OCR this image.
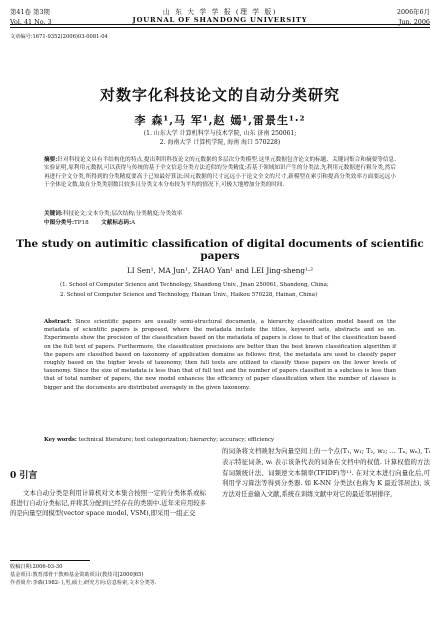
第41卷 第3期
Vol. 41 No. 3
山 东 大 学 学 报 (理 学 版)
JOURNAL OF SHANDONG UNIVERSITY
2006年6月
Jun. 2006
文章编号:1671-9352(2006)03-0081-04
对数字化科技论文的自动分类研究
李 森¹,马 军¹,赵 嫣¹,雷景生¹·²
(1. 山东大学 计算机科学与技术学院, 山东 济南 250061;
2. 海南大学 计算机学院, 海南 海口 570228)
摘要:针对科技论文具有半结构化的特点,提出利用科技论文的元数据的多层次分类模型.这里元数据包含论文的标题、关键词集合和摘要等信息.实验证明,原利用元数据,可以获得与传统的基于全文信息分类方法近似的分类精度;若基于领域知识产生的分类法,先利用元数据进行粗分类,然后再进行全文分类,所得到的分类精度要高于已知最好算法;因元数据的尺寸远远小于论文全文的尺寸,新模型在索引和提高分类效率方面要远远小于全体论文数,故在分类类别数目较多且分类文本分布较为平均的情况下,可极大地增加分类的时间.
关键词:科技论文;文本分类;层次结构;分类精度;分类效率
中图分类号:TP18 文献标志码:A
The study on autimitic classification of digital documents of scientific papers
LI Sen¹, MA Jun¹, ZHAO Yan¹ and LEI Jing-sheng¹·²
(1. School of Computer Science and Technology, Shandong Univ., Jinan 250061, Shandong, China;
2. School of Computer Science and Technology, Hainan Univ., Haikou 570228, Hainan, China)
Abstract: Since scientific papers are usually semi-structural documents, a hierarchy classification model based on the metadata of scientific papers is proposed, where the metadata include the titles, keyword sets, abstracts and so on. Experiments show the precision of the classification based on the metadata of papers is close to that of the classification based on the full text of papers. Furthermore, the classification precisions are better than the best known classification algorithm if the papers are classified based on taxonomy of application domains as follows: first, the metadata are used to classify paper roughly based on the higher levels of taxonomy, then full texts are utilized to classify these papers on the lower levels of taxonomy. Since the size of metadata is less than that of full text and the number of papers classified in a subclass is less than that of total number of papers, the new model enhances the efficiency of paper classification when the number of classes is bigger and the documents are distributed averagely in the given taxonomy.
Key words: technical literature; text categorization; hierarchy; accuracy; efficiency
0 引言
文本自动分类是利用计算机对文本集合按照一定的分类体系或标准进行自动分类标记,并将其分配到已经存在的类别中.近年来应用较多的是向量空间模型(vector space model, VSM),即采用一组正交
的词条将文档映射为向量空间上的一个点(T₁, w₁; T₂, w₂; … Tₙ, wₙ), Tᵢ 表示特征词条, wᵢ 表示该条代表的词条在文档中的权值. 计算权值的方法有词频统计法、词频逆文本频率(TFIDF)等¹¹. 在对文本进行向量化后,可利用学习算法等得到分类器. 如 K-NN 分类法(也称为 K 最近邻居法), 该方法对任意输入文献,系统在训练文献中对它的最近邻居排序,
收稿日期:2006-03-30
基金项目:教育部骨干教师基金资助项目(教技司[2000]65)
作者简介:李森(1982- ),男,硕士,研究方向:信息检索,文本分类等.
